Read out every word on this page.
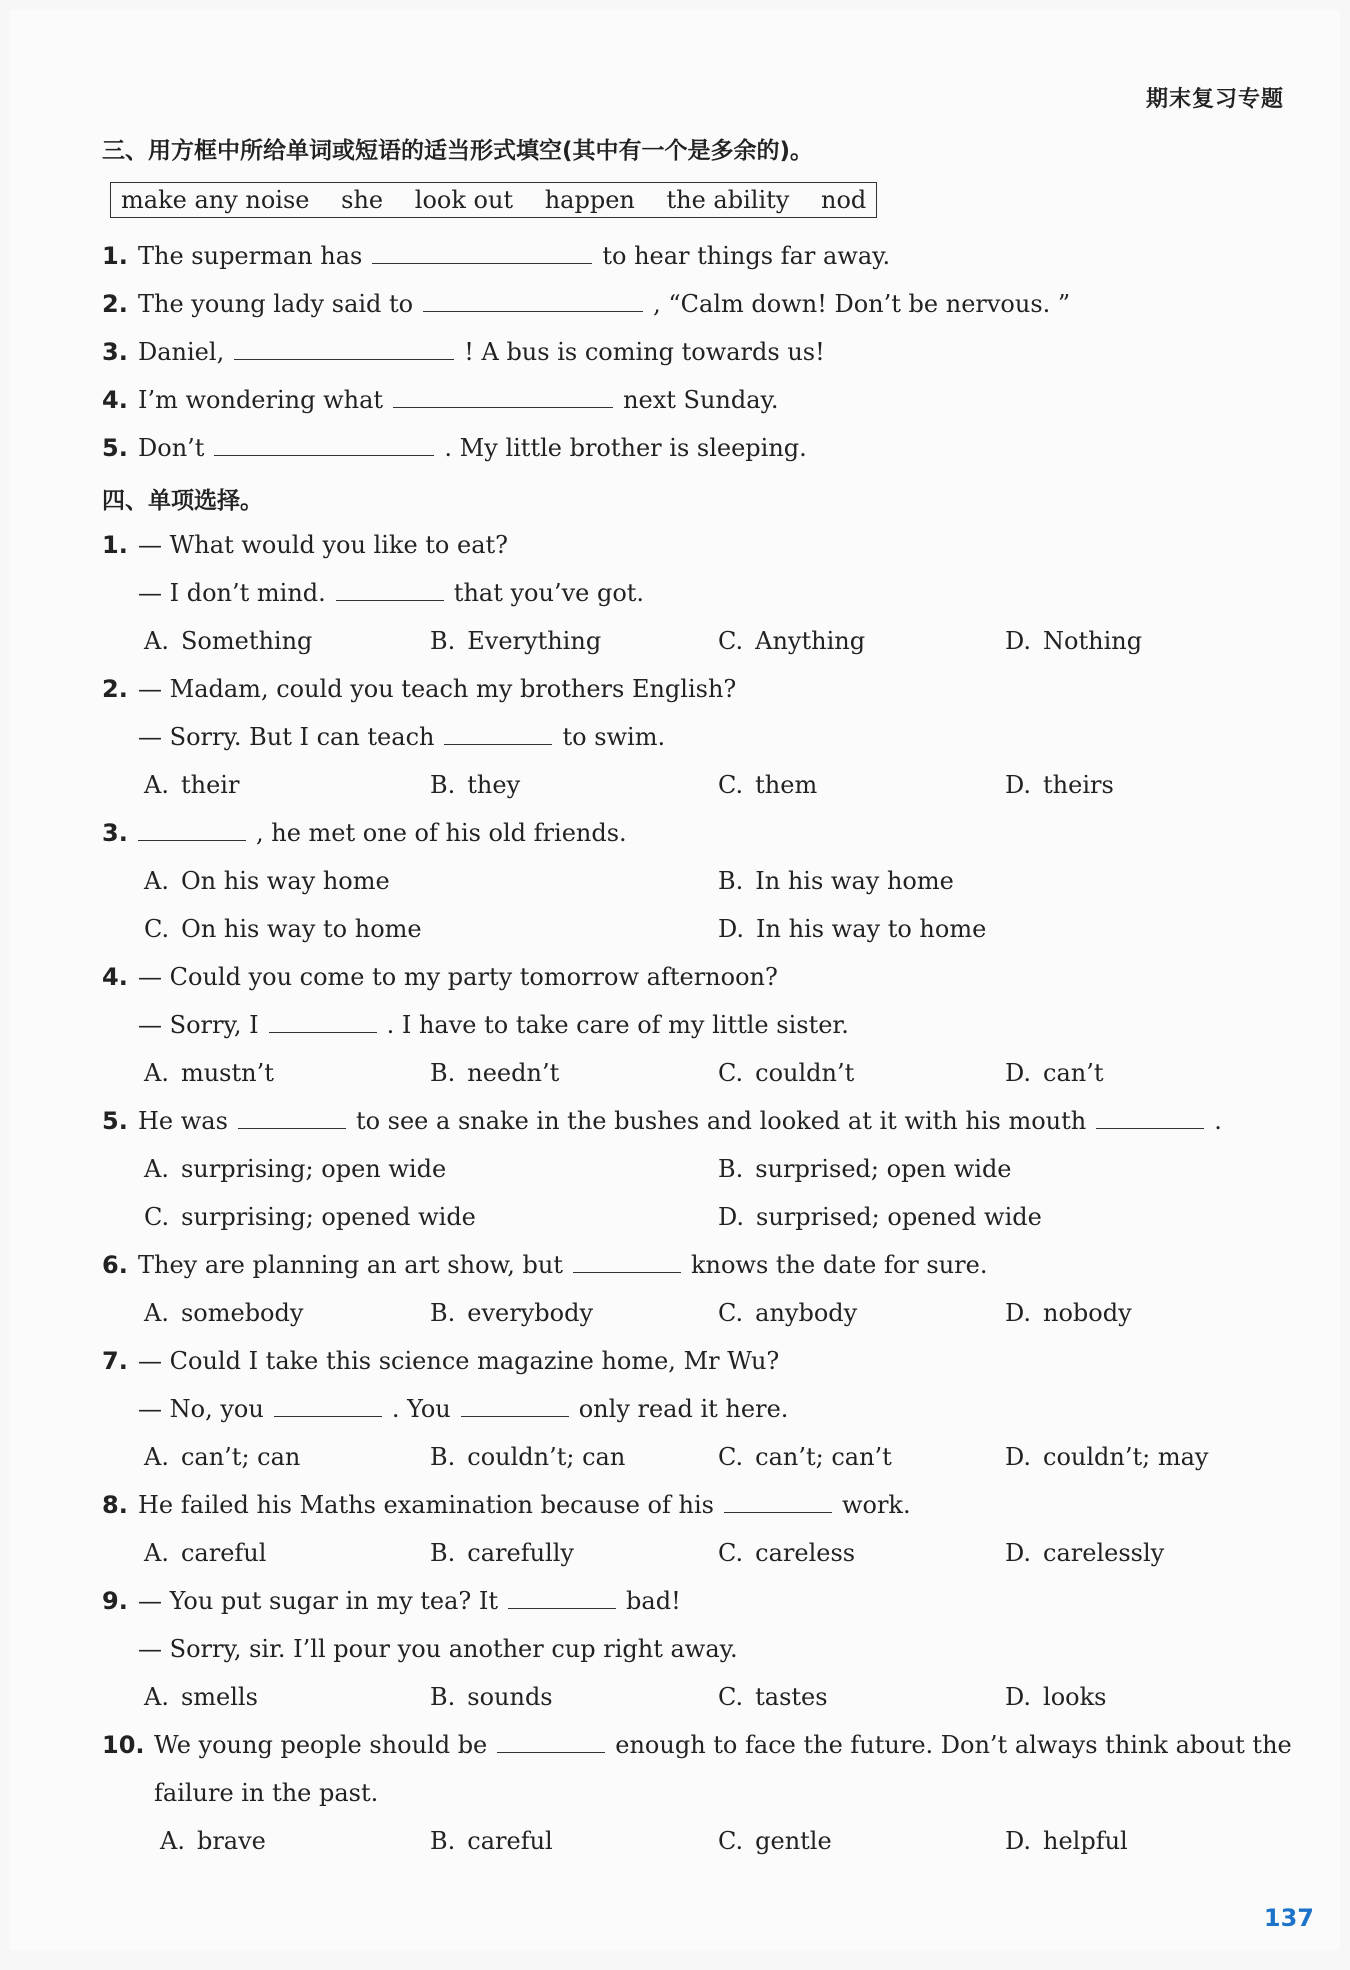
期末复习专题
三、用方框中所给单词或短语的适当形式填空(其中有一个是多余的)。
make any noise she look out happen the ability nod
1. The superman has	to hear things far away.
2. The young lady said to	, “Calm down! Don’t be nervous. ”
3. Daniel,	! A bus is coming towards us!
4. I’m wondering what	next Sunday.
5. Don’t	. My little brother is sleeping.
四、单项选择。
1. — What would you like to eat?
— I don’t mind.	that you’ve got.
A. Something	B. Everything	C. Anything	D. Nothing
2. — Madam, could you teach my brothers English?
— Sorry. But I can teach	to swim.
A. their	B. they	C. them	D. theirs
3.	, he met one of his old friends.
A. On his way home	B. In his way home
C. On his way to home	D. In his way to home
4. — Could you come to my party tomorrow afternoon?
— Sorry, I	. I have to take care of my little sister.
A. mustn’t	B. needn’t	C. couldn’t	D. can’t
5. He was	to see a snake in the bushes and looked at it with his mouth	.
A. surprising; open wide	B. surprised; open wide
C. surprising; opened wide	D. surprised; opened wide
6. They are planning an art show, but	knows the date for sure.
A. somebody	B. everybody	C. anybody	D. nobody
7. — Could I take this science magazine home, Mr Wu?
— No, you	. You	only read it here.
A. can’t; can	B. couldn’t; can	C. can’t; can’t	D. couldn’t; may
8. He failed his Maths examination because of his	work.
A. careful	B. carefully	C. careless	D. carelessly
9. — You put sugar in my tea? It	bad!
— Sorry, sir. I’ll pour you another cup right away.
A. smells	B. sounds	C. tastes	D. looks
10. We young people should be	enough to face the future. Don’t always think about the
failure in the past.
A. brave	B. careful	C. gentle	D. helpful
137
